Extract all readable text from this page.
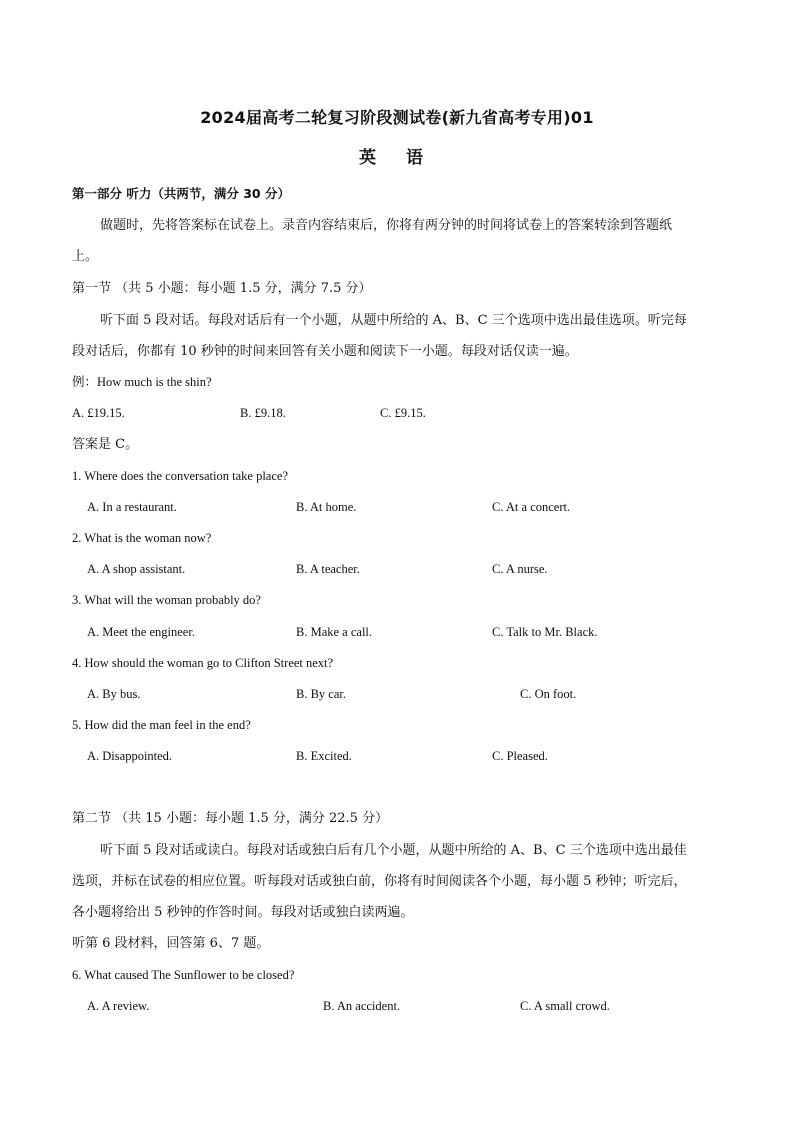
2024届高考二轮复习阶段测试卷(新九省高考专用)01
英 语
第一部分 听力（共两节，满分 30 分）
做题时，先将答案标在试卷上。录音内容结束后，你将有两分钟的时间将试卷上的答案转涂到答题纸
上。
第一节 （共 5 小题：每小题 1.5 分，满分 7.5 分）
听下面 5 段对话。每段对话后有一个小题，从题中所给的 A、B、C 三个选项中选出最佳选项。听完每
段对话后，你都有 10 秒钟的时间来回答有关小题和阅读下一小题。每段对话仅读一遍。
例：How much is the shin?
A. £19.15.	B. £9.18.	C. £9.15.
答案是 C。
1. Where does the conversation take place?
A. In a restaurant.	B. At home.	C. At a concert.
2. What is the woman now?
A. A shop assistant.	B. A teacher.	C. A nurse.
3. What will the woman probably do?
A. Meet the engineer.	B. Make a call.	C. Talk to Mr. Black.
4. How should the woman go to Clifton Street next?
A. By bus.	B. By car.	C. On foot.
5. How did the man feel in the end?
A. Disappointed.	B. Excited.	C. Pleased.
第二节 （共 15 小题：每小题 1.5 分，满分 22.5 分）
听下面 5 段对话或读白。每段对话或独白后有几个小题，从题中所给的 A、B、C 三个选项中选出最佳
选项，并标在试卷的相应位置。听每段对话或独白前，你将有时间阅读各个小题，每小题 5 秒钟；听完后，
各小题将给出 5 秒钟的作答时间。每段对话或独白读两遍。
听第 6 段材料，回答第 6、7 题。
6. What caused The Sunflower to be closed?
A. A review.	B. An accident.	C. A small crowd.
